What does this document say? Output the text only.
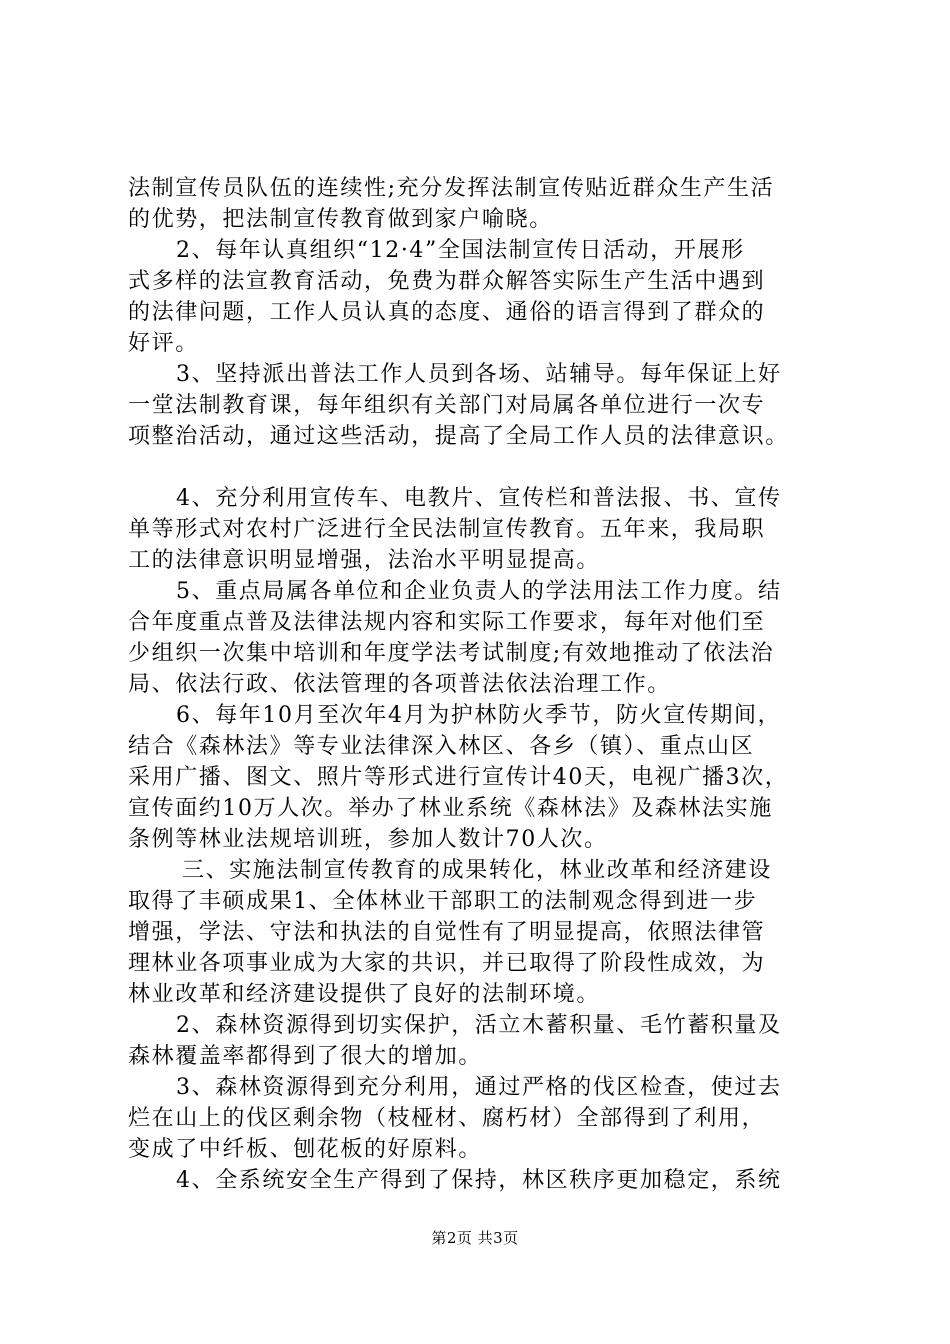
法制宣传员队伍的连续性;充分发挥法制宣传贴近群众生产生活
的优势，把法制宣传教育做到家户喻晓。
2、每年认真组织“12·4”全国法制宣传日活动，开展形
式多样的法宣教育活动，免费为群众解答实际生产生活中遇到
的法律问题，工作人员认真的态度、通俗的语言得到了群众的
好评。
3、坚持派出普法工作人员到各场、站辅导。每年保证上好
一堂法制教育课，每年组织有关部门对局属各单位进行一次专
项整治活动，通过这些活动，提高了全局工作人员的法律意识。
4、充分利用宣传车、电教片、宣传栏和普法报、书、宣传
单等形式对农村广泛进行全民法制宣传教育。五年来，我局职
工的法律意识明显增强，法治水平明显提高。
5、重点局属各单位和企业负责人的学法用法工作力度。结
合年度重点普及法律法规内容和实际工作要求，每年对他们至
少组织一次集中培训和年度学法考试制度;有效地推动了依法治
局、依法行政、依法管理的各项普法依法治理工作。
6、每年10月至次年4月为护林防火季节，防火宣传期间，
结合《森林法》等专业法律深入林区、各乡（镇）、重点山区
采用广播、图文、照片等形式进行宣传计40天，电视广播3次，
宣传面约10万人次。举办了林业系统《森林法》及森林法实施
条例等林业法规培训班，参加人数计70人次。
三、实施法制宣传教育的成果转化，林业改革和经济建设
取得了丰硕成果1、全体林业干部职工的法制观念得到进一步
增强，学法、守法和执法的自觉性有了明显提高，依照法律管
理林业各项事业成为大家的共识，并已取得了阶段性成效，为
林业改革和经济建设提供了良好的法制环境。
2、森林资源得到切实保护，活立木蓄积量、毛竹蓄积量及
森林覆盖率都得到了很大的增加。
3、森林资源得到充分利用，通过严格的伐区检查，使过去
烂在山上的伐区剩余物（枝桠材、腐朽材）全部得到了利用，
变成了中纤板、刨花板的好原料。
4、全系统安全生产得到了保持，林区秩序更加稳定，系统
第2页 共3页
